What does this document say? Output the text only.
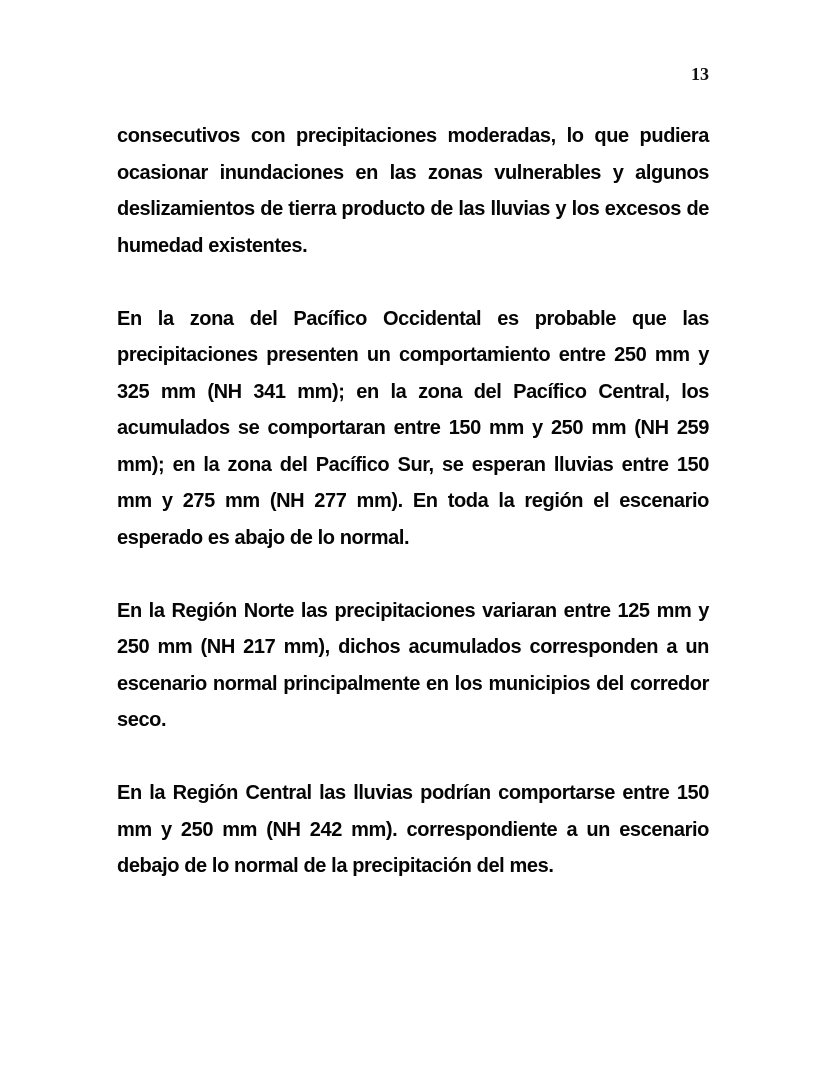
13

consecutivos con precipitaciones moderadas, lo que pudiera ocasionar inundaciones en las zonas vulnerables y algunos deslizamientos de tierra producto de las lluvias y los excesos de humedad existentes.

En la zona del Pacífico Occidental es probable que las precipitaciones presenten un comportamiento entre 250 mm y 325 mm (NH 341 mm); en la zona del Pacífico Central, los acumulados se comportaran entre 150 mm y 250 mm (NH 259 mm); en la zona del Pacífico Sur, se esperan lluvias entre 150 mm y 275 mm (NH 277 mm). En toda la región el escenario esperado es abajo de lo normal.

En la Región Norte las precipitaciones variaran entre 125 mm y 250 mm (NH 217 mm), dichos acumulados corresponden a un escenario normal principalmente en los municipios del corredor seco.

En la Región Central las lluvias podrían comportarse entre 150 mm y 250 mm (NH 242 mm). correspondiente a un escenario debajo de lo normal de la precipitación del mes.
